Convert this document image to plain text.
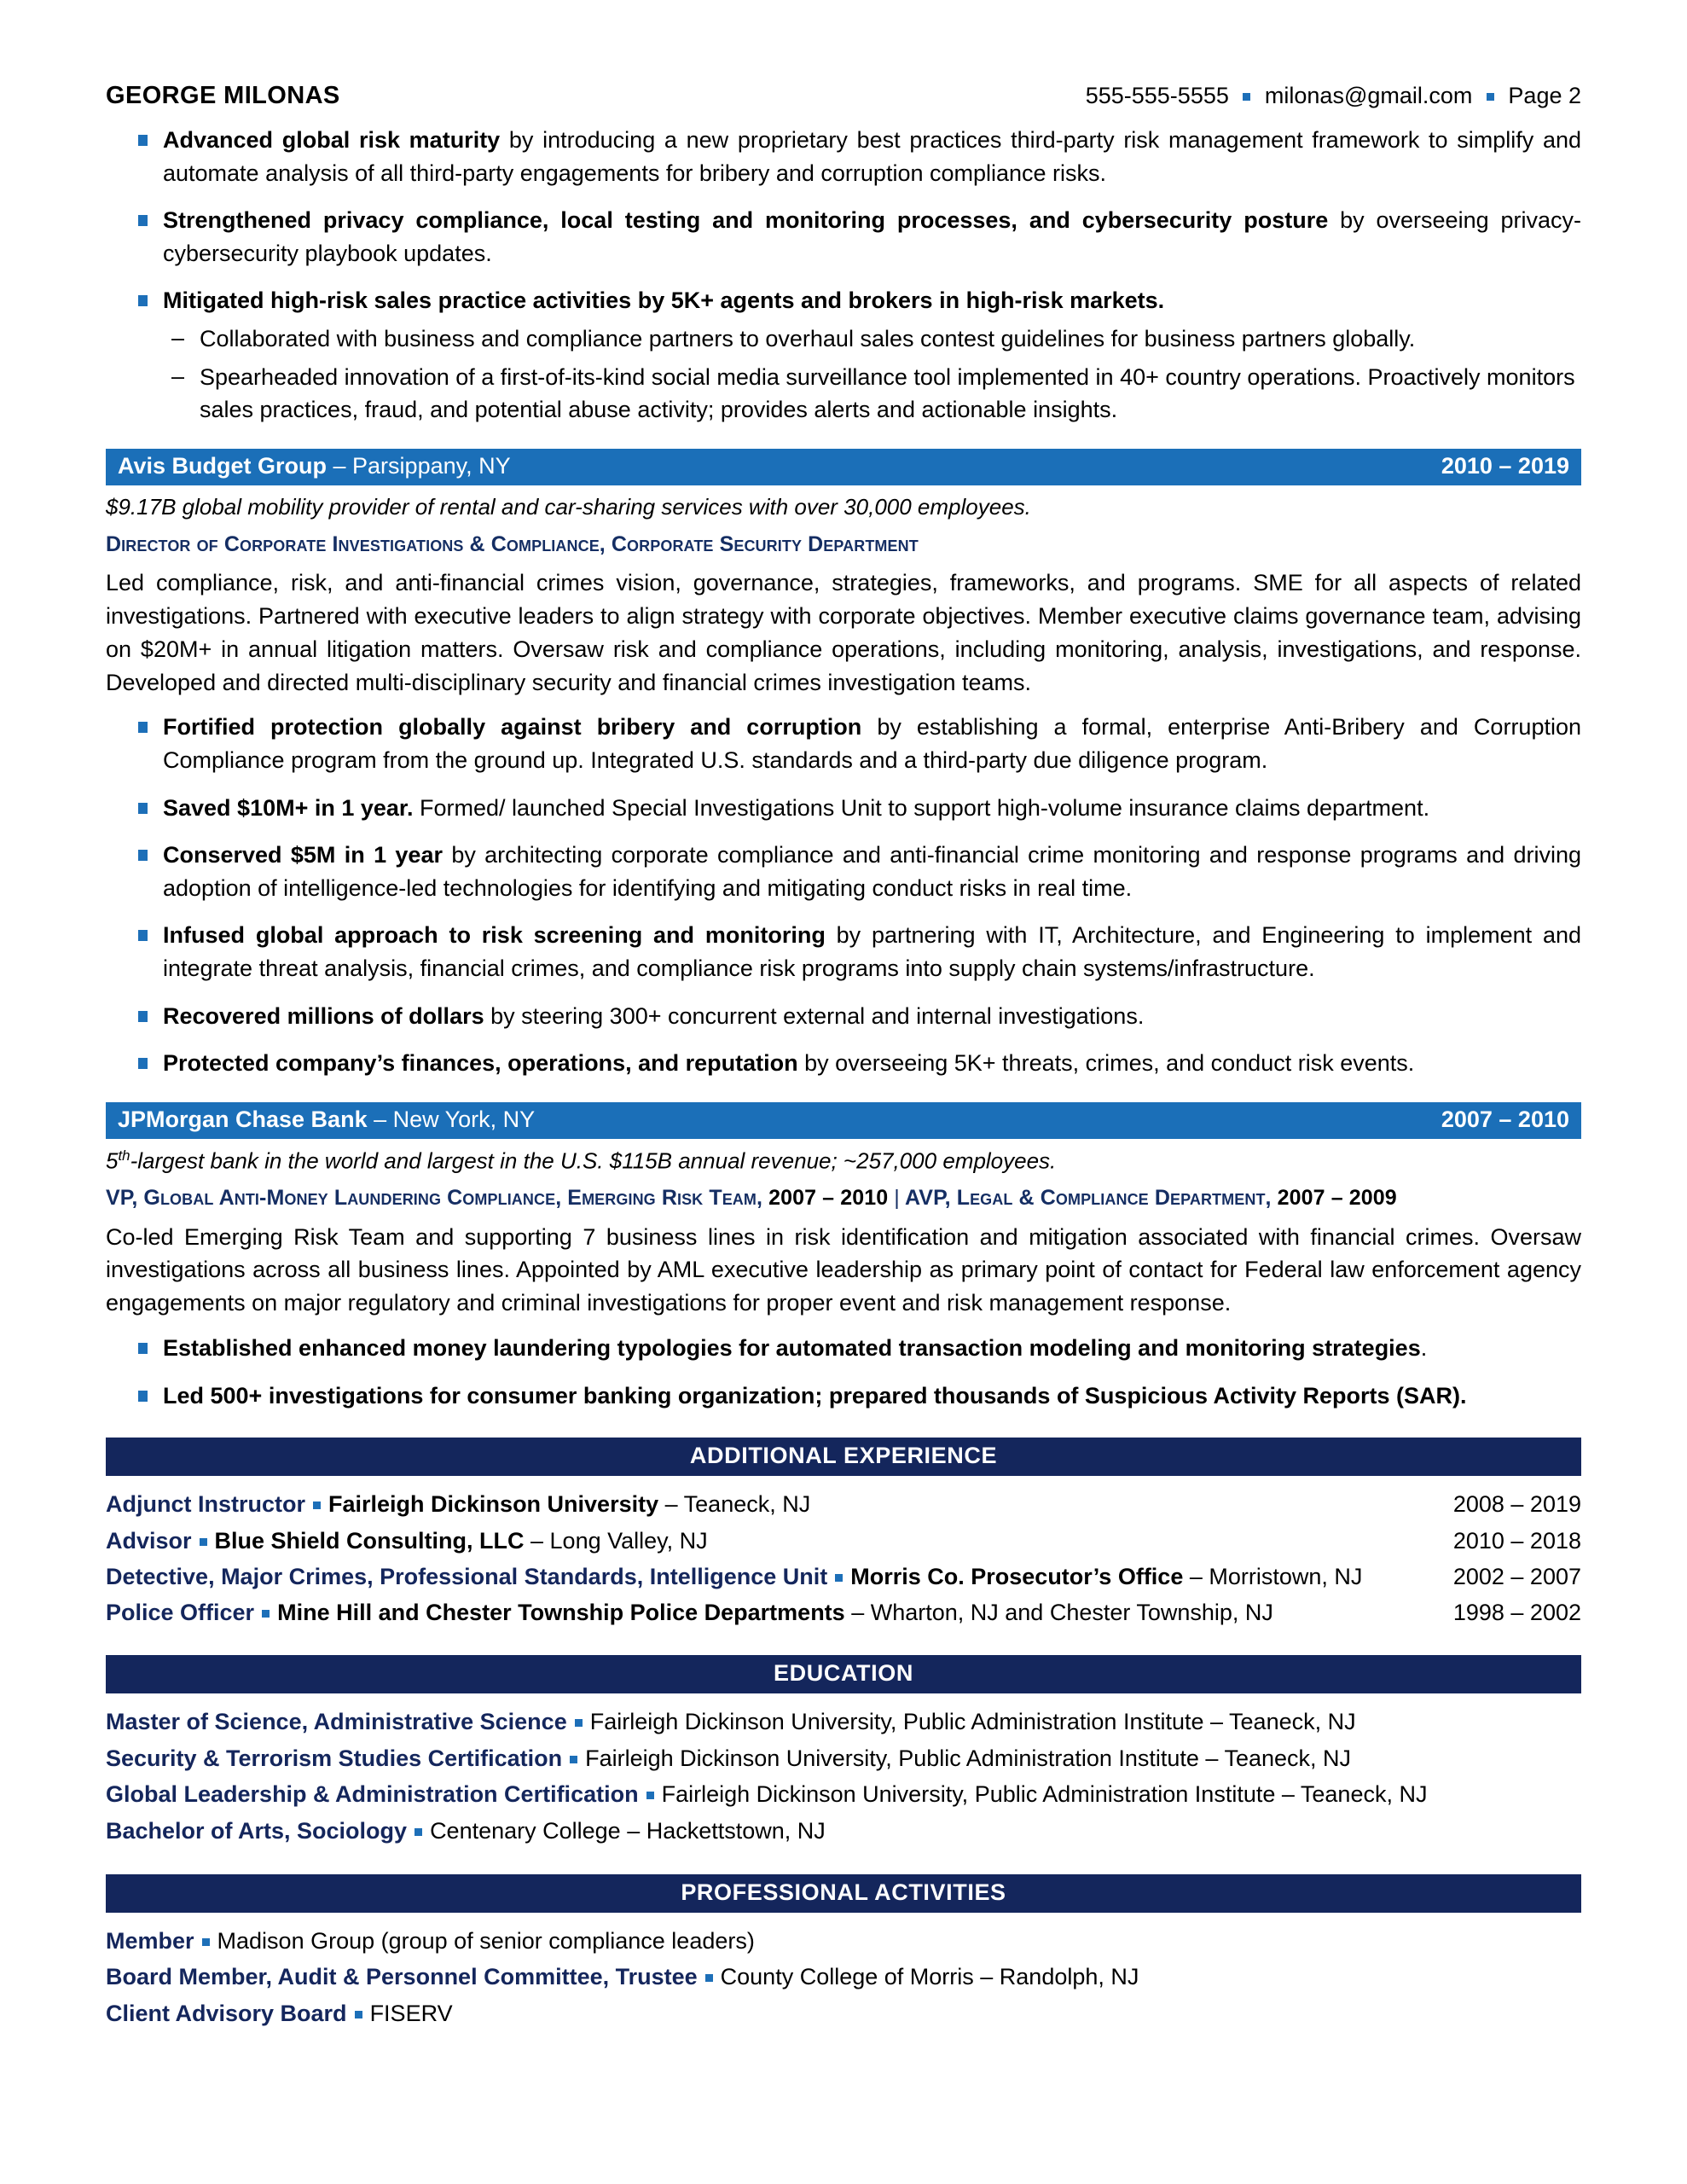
GEORGE MILONAS	555-555-5555 milonas@gmail.com Page 2
Advanced global risk maturity by introducing a new proprietary best practices third-party risk management framework to simplify and automate analysis of all third-party engagements for bribery and corruption compliance risks.
Strengthened privacy compliance, local testing and monitoring processes, and cybersecurity posture by overseeing privacy-cybersecurity playbook updates.
Mitigated high-risk sales practice activities by 5K+ agents and brokers in high-risk markets.
– Collaborated with business and compliance partners to overhaul sales contest guidelines for business partners globally.
– Spearheaded innovation of a first-of-its-kind social media surveillance tool implemented in 40+ country operations. Proactively monitors sales practices, fraud, and potential abuse activity; provides alerts and actionable insights.
Avis Budget Group – Parsippany, NY	2010 – 2019
$9.17B global mobility provider of rental and car-sharing services with over 30,000 employees.
Director of Corporate Investigations & Compliance, Corporate Security Department
Led compliance, risk, and anti-financial crimes vision, governance, strategies, frameworks, and programs. SME for all aspects of related investigations. Partnered with executive leaders to align strategy with corporate objectives. Member executive claims governance team, advising on $20M+ in annual litigation matters. Oversaw risk and compliance operations, including monitoring, analysis, investigations, and response. Developed and directed multi-disciplinary security and financial crimes investigation teams.
Fortified protection globally against bribery and corruption by establishing a formal, enterprise Anti-Bribery and Corruption Compliance program from the ground up. Integrated U.S. standards and a third-party due diligence program.
Saved $10M+ in 1 year. Formed/ launched Special Investigations Unit to support high-volume insurance claims department.
Conserved $5M in 1 year by architecting corporate compliance and anti-financial crime monitoring and response programs and driving adoption of intelligence-led technologies for identifying and mitigating conduct risks in real time.
Infused global approach to risk screening and monitoring by partnering with IT, Architecture, and Engineering to implement and integrate threat analysis, financial crimes, and compliance risk programs into supply chain systems/infrastructure.
Recovered millions of dollars by steering 300+ concurrent external and internal investigations.
Protected company’s finances, operations, and reputation by overseeing 5K+ threats, crimes, and conduct risk events.
JPMorgan Chase Bank – New York, NY	2007 – 2010
5th-largest bank in the world and largest in the U.S. $115B annual revenue; ~257,000 employees.
VP, Global Anti-Money Laundering Compliance, Emerging Risk Team, 2007 – 2010 | AVP, Legal & Compliance Department, 2007 – 2009
Co-led Emerging Risk Team and supporting 7 business lines in risk identification and mitigation associated with financial crimes. Oversaw investigations across all business lines. Appointed by AML executive leadership as primary point of contact for Federal law enforcement agency engagements on major regulatory and criminal investigations for proper event and risk management response.
Established enhanced money laundering typologies for automated transaction modeling and monitoring strategies.
Led 500+ investigations for consumer banking organization; prepared thousands of Suspicious Activity Reports (SAR).
ADDITIONAL EXPERIENCE
Adjunct Instructor Fairleigh Dickinson University – Teaneck, NJ	2008 – 2019
Advisor Blue Shield Consulting, LLC – Long Valley, NJ	2010 – 2018
Detective, Major Crimes, Professional Standards, Intelligence Unit Morris Co. Prosecutor’s Office – Morristown, NJ	2002 – 2007
Police Officer Mine Hill and Chester Township Police Departments – Wharton, NJ and Chester Township, NJ	1998 – 2002
EDUCATION
Master of Science, Administrative Science Fairleigh Dickinson University, Public Administration Institute – Teaneck, NJ
Security & Terrorism Studies Certification Fairleigh Dickinson University, Public Administration Institute – Teaneck, NJ
Global Leadership & Administration Certification Fairleigh Dickinson University, Public Administration Institute – Teaneck, NJ
Bachelor of Arts, Sociology Centenary College – Hackettstown, NJ
PROFESSIONAL ACTIVITIES
Member Madison Group (group of senior compliance leaders)
Board Member, Audit & Personnel Committee, Trustee County College of Morris – Randolph, NJ
Client Advisory Board FISERV
